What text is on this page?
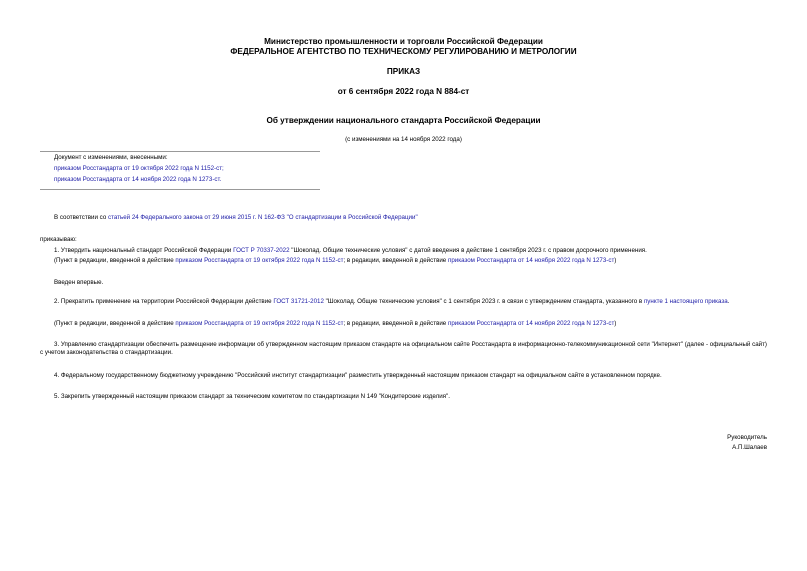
Министерство промышленности и торговли Российской Федерации
ФЕДЕРАЛЬНОЕ АГЕНТСТВО ПО ТЕХНИЧЕСКОМУ РЕГУЛИРОВАНИЮ И МЕТРОЛОГИИ
ПРИКАЗ
от 6 сентября 2022 года N 884-ст
Об утверждении национального стандарта Российской Федерации
(с изменениями на 14 ноября 2022 года)
Документ с изменениями, внесенными:
приказом Росстандарта от 19 октября 2022 года N 1152-ст;
приказом Росстандарта от 14 ноября 2022 года N 1273-ст.
В соответствии со статьей 24 Федерального закона от 29 июня 2015 г. N 162-ФЗ "О стандартизации в Российской Федерации"
приказываю:
1. Утвердить национальный стандарт Российской Федерации ГОСТ Р 70337-2022 "Шоколад. Общие технические условия" с датой введения в действие 1 сентября 2023 г. с правом досрочного применения.
(Пункт в редакции, введенной в действие приказом Росстандарта от 19 октября 2022 года N 1152-ст; в редакции, введенной в действие приказом Росстандарта от 14 ноября 2022 года N 1273-ст)
Введен впервые.
2. Прекратить применение на территории Российской Федерации действие ГОСТ 31721-2012 "Шоколад. Общие технические условия" с 1 сентября 2023 г. в связи с утверждением стандарта, указанного в пункте 1 настоящего приказа.
(Пункт в редакции, введенной в действие приказом Росстандарта от 19 октября 2022 года N 1152-ст; в редакции, введенной в действие приказом Росстандарта от 14 ноября 2022 года N 1273-ст)
3. Управлению стандартизации обеспечить размещение информации об утвержденном настоящим приказом стандарте на официальном сайте Росстандарта в информационно-телекоммуникационной сети "Интернет" (далее - официальный сайт) с учетом законодательства о стандартизации.
4. Федеральному государственному бюджетному учреждению "Российский институт стандартизации" разместить утвержденный настоящим приказом стандарт на официальном сайте в установленном порядке.
5. Закрепить утвержденный настоящим приказом стандарт за техническим комитетом по стандартизации N 149 "Кондитерские изделия".
Руководитель
А.П.Шалаев
